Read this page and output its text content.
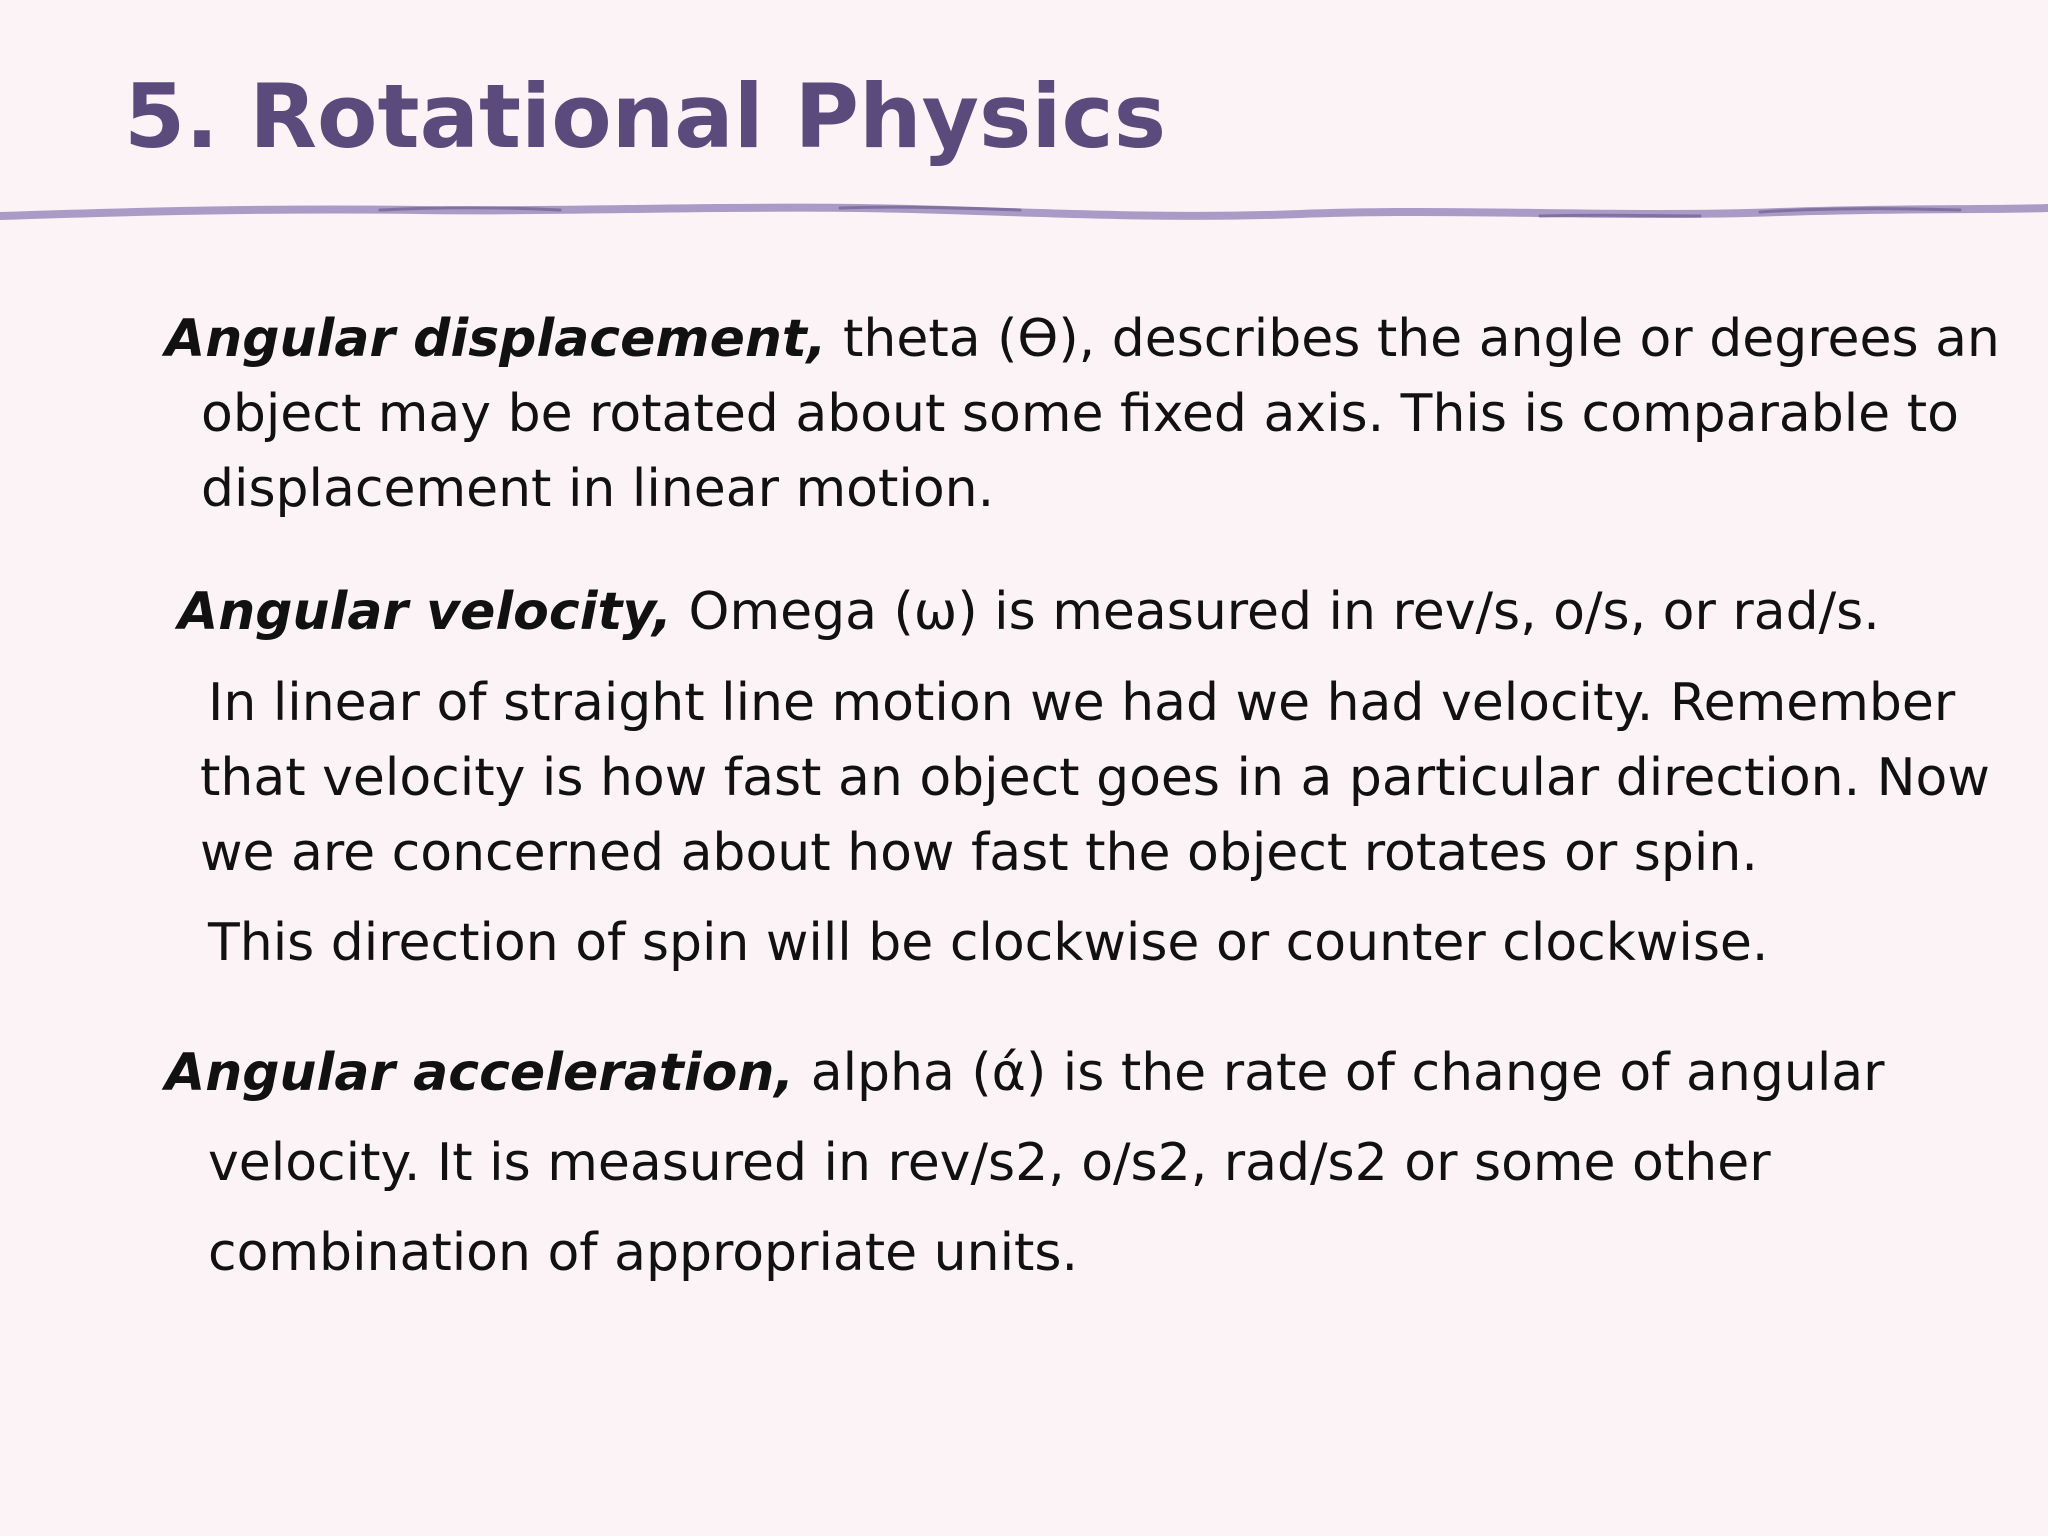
5. Rotational Physics

Angular displacement, theta (Ɵ), describes the angle or degrees an
object may be rotated about some fixed axis. This is comparable to
displacement in linear motion.

Angular velocity, Omega (ω) is measured in rev/s, o/s, or rad/s.

In linear of straight line motion we had we had velocity. Remember
that velocity is how fast an object goes in a particular direction. Now
we are concerned about how fast the object rotates or spin.

This direction of spin will be clockwise or counter clockwise.

Angular acceleration, alpha (ά) is the rate of change of angular
velocity. It is measured in rev/s2, o/s2, rad/s2 or some other
combination of appropriate units.
